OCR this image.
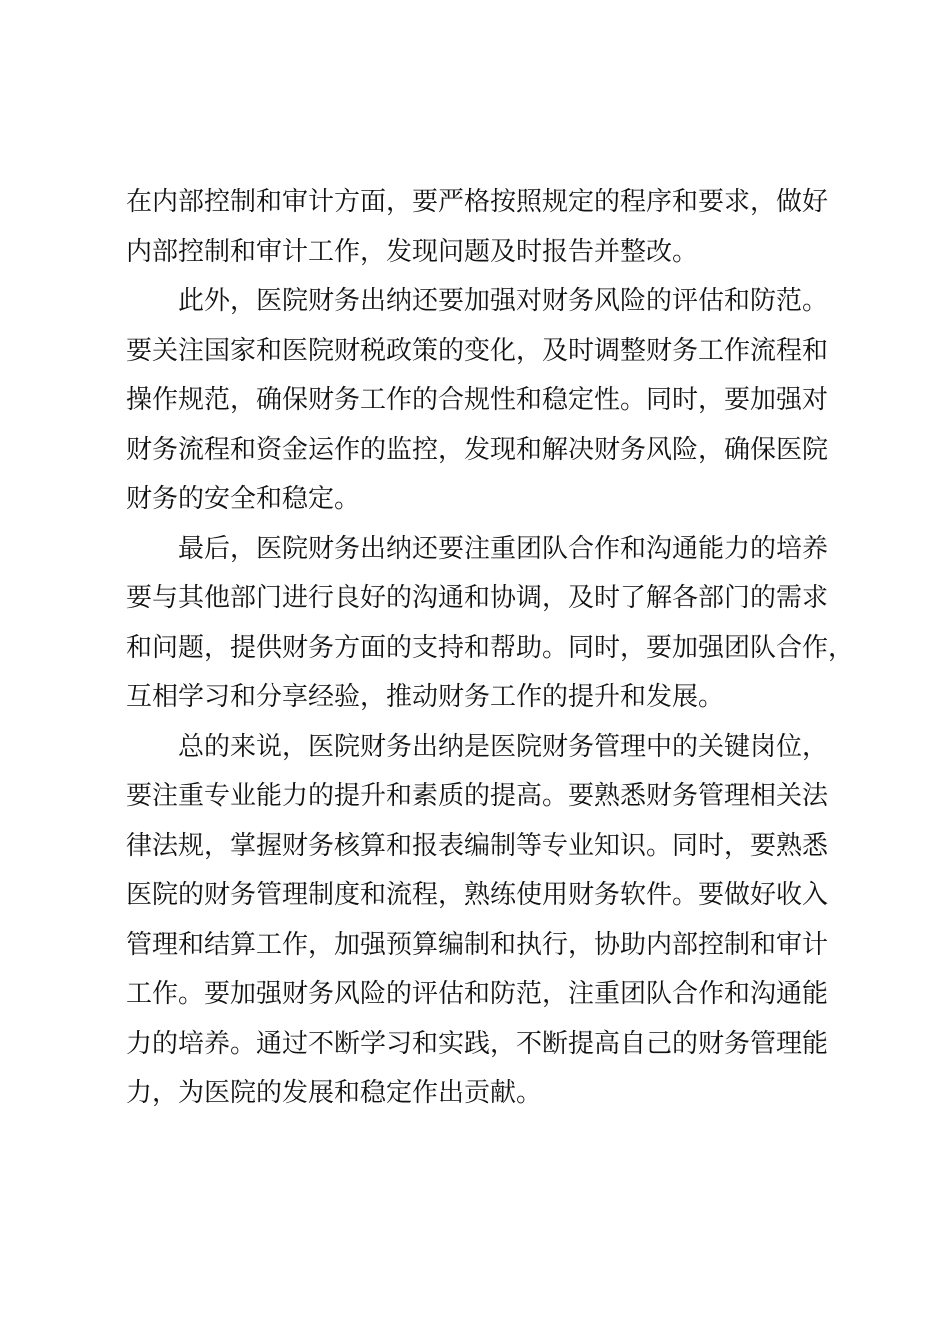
在内部控制和审计方面，要严格按照规定的程序和要求，做好
内部控制和审计工作，发现问题及时报告并整改。
此外，医院财务出纳还要加强对财务风险的评估和防范。
要关注国家和医院财税政策的变化，及时调整财务工作流程和
操作规范，确保财务工作的合规性和稳定性。同时，要加强对
财务流程和资金运作的监控，发现和解决财务风险，确保医院
财务的安全和稳定。
最后，医院财务出纳还要注重团队合作和沟通能力的培养
要与其他部门进行良好的沟通和协调，及时了解各部门的需求
和问题，提供财务方面的支持和帮助。同时，要加强团队合作，
互相学习和分享经验，推动财务工作的提升和发展。
总的来说，医院财务出纳是医院财务管理中的关键岗位，
要注重专业能力的提升和素质的提高。要熟悉财务管理相关法
律法规，掌握财务核算和报表编制等专业知识。同时，要熟悉
医院的财务管理制度和流程，熟练使用财务软件。要做好收入
管理和结算工作，加强预算编制和执行，协助内部控制和审计
工作。要加强财务风险的评估和防范，注重团队合作和沟通能
力的培养。通过不断学习和实践，不断提高自己的财务管理能
力，为医院的发展和稳定作出贡献。
